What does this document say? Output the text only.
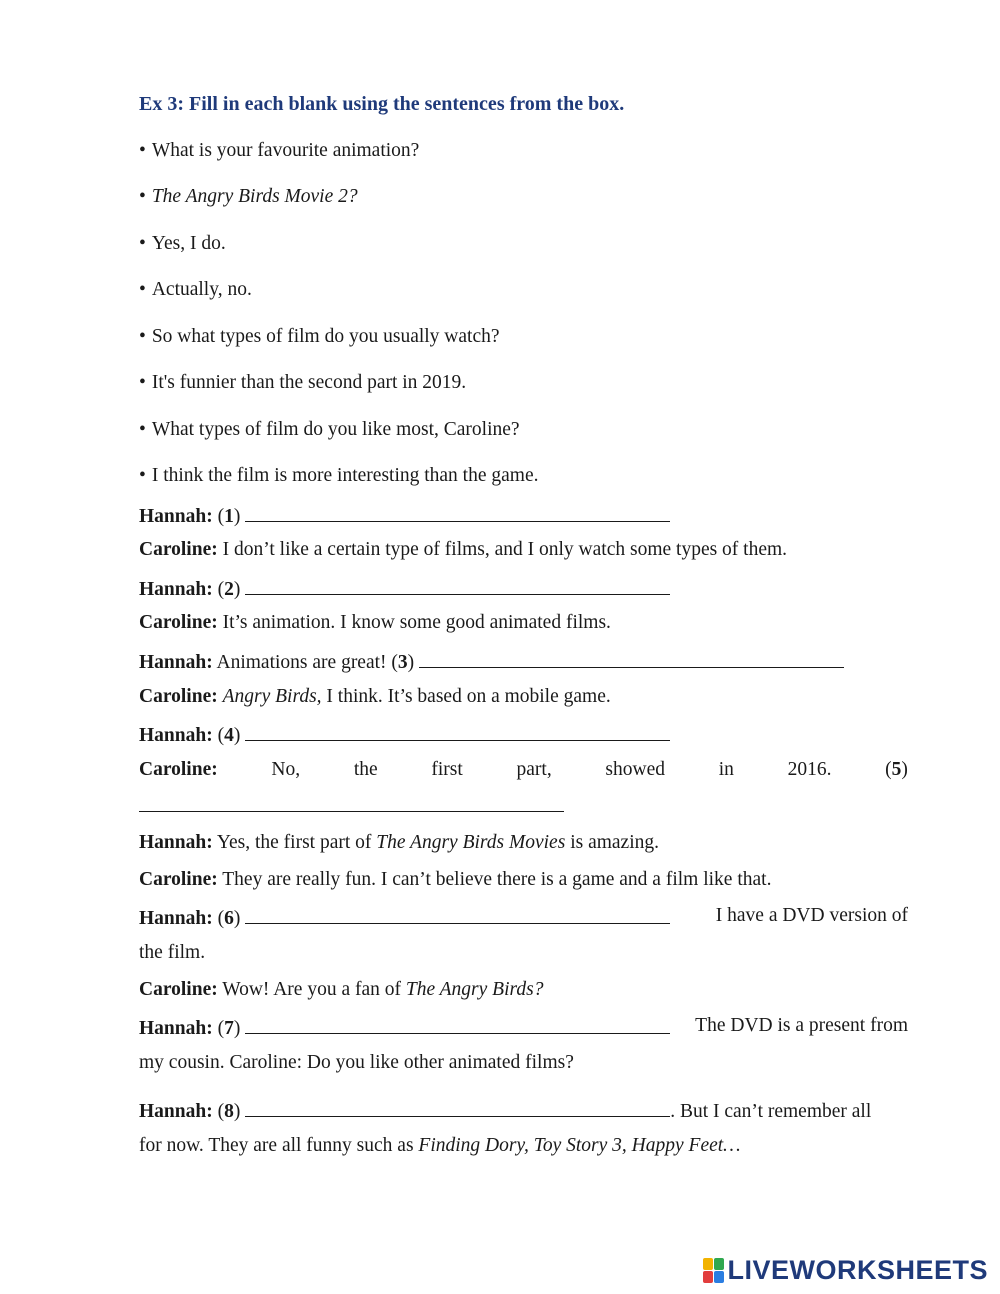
Ex 3: Fill in each blank using the sentences from the box.
• What is your favourite animation?
• The Angry Birds Movie 2?
• Yes, I do.
• Actually, no.
• So what types of film do you usually watch?
• It's funnier than the second part in 2019.
• What types of film do you like most, Caroline?
• I think the film is more interesting than the game.
Hannah: (1)
Caroline: I don’t like a certain type of films, and I only watch some types of them.
Hannah: (2)
Caroline: It’s animation. I know some good animated films.
Hannah: Animations are great! (3)
Caroline: Angry Birds, I think. It’s based on a mobile game.
Hannah: (4)
Caroline:	No,	the	first	part,	showed	in	2016.	(5)
Hannah: Yes, the first part of The Angry Birds Movies is amazing.
Caroline: They are really fun. I can’t believe there is a game and a film like that.
Hannah: (6)	I have a DVD version of
the film.
Caroline: Wow! Are you a fan of The Angry Birds?
Hannah: (7)	The DVD is a present from
my cousin. Caroline: Do you like other animated films?
Hannah: (8)	. But I can’t remember all
for now. They are all funny such as Finding Dory, Toy Story 3, Happy Feet…
LIVEWORKSHEETS
